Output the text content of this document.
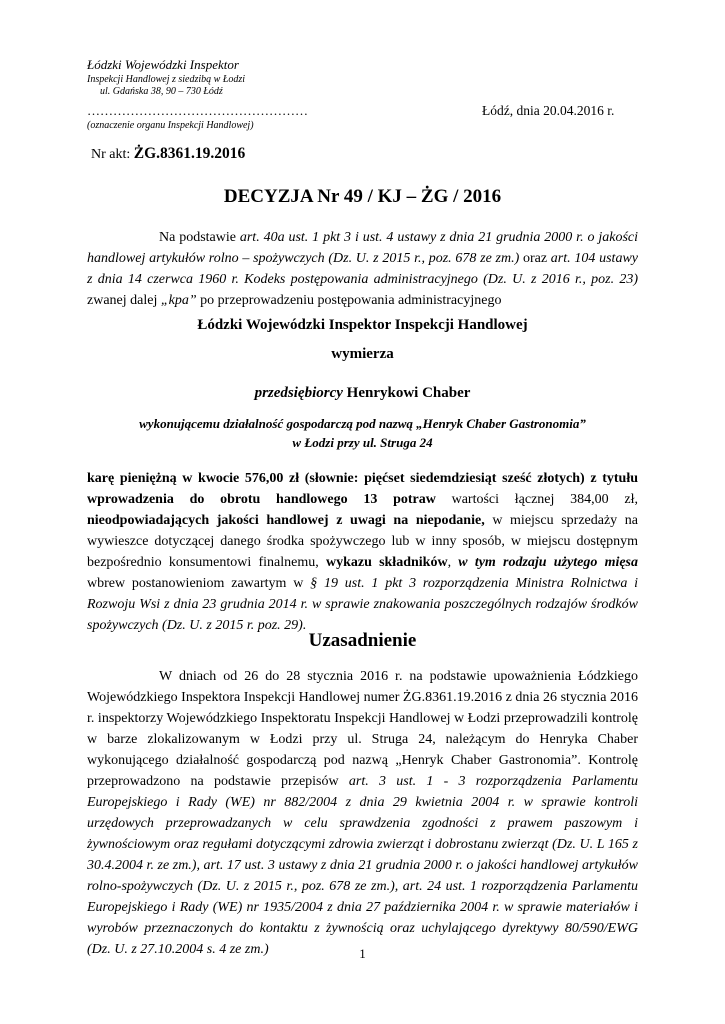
Łódzki Wojewódzki Inspektor
Inspekcji Handlowej z siedzibą w Łodzi
ul. Gdańska 38, 90 – 730 Łódź
……………………………………………
(oznaczenie organu Inspekcji Handlowej)
Łódź, dnia 20.04.2016 r.
Nr akt: ŻG.8361.19.2016
DECYZJA Nr 49 / KJ – ŻG / 2016
Na podstawie art. 40a ust. 1 pkt 3 i ust. 4 ustawy z dnia 21 grudnia 2000 r. o jakości handlowej artykułów rolno – spożywczych (Dz. U. z 2015 r., poz. 678 ze zm.) oraz art. 104 ustawy z dnia 14 czerwca 1960 r. Kodeks postępowania administracyjnego (Dz. U. z 2016 r., poz. 23) zwanej dalej „kpa” po przeprowadzeniu postępowania administracyjnego
Łódzki Wojewódzki Inspektor Inspekcji Handlowej
wymierza
przedsiębiorcy Henrykowi Chaber
wykonującemu działalność gospodarczą pod nazwą „Henryk Chaber Gastronomia”
w Łodzi przy ul. Struga 24
karę pieniężną w kwocie 576,00 zł (słownie: pięćset siedemdziesiąt sześć złotych) z tytułu wprowadzenia do obrotu handlowego 13 potraw wartości łącznej 384,00 zł, nieodpowiadających jakości handlowej z uwagi na niepodanie, w miejscu sprzedaży na wywieszce dotyczącej danego środka spożywczego lub w inny sposób, w miejscu dostępnym bezpośrednio konsumentowi finalnemu, wykazu składników, w tym rodzaju użytego mięsa wbrew postanowieniom zawartym w § 19 ust. 1 pkt 3 rozporządzenia Ministra Rolnictwa i Rozwoju Wsi z dnia 23 grudnia 2014 r. w sprawie znakowania poszczególnych rodzajów środków spożywczych (Dz. U. z 2015 r. poz. 29).
Uzasadnienie
W dniach od 26 do 28 stycznia 2016 r. na podstawie upoważnienia Łódzkiego Wojewódzkiego Inspektora Inspekcji Handlowej numer ŻG.8361.19.2016 z dnia 26 stycznia 2016 r. inspektorzy Wojewódzkiego Inspektoratu Inspekcji Handlowej w Łodzi przeprowadzili kontrolę w barze zlokalizowanym w Łodzi przy ul. Struga 24, należącym do Henryka Chaber wykonującego działalność gospodarczą pod nazwą „Henryk Chaber Gastronomia”. Kontrolę przeprowadzono na podstawie przepisów art. 3 ust. 1 - 3 rozporządzenia Parlamentu Europejskiego i Rady (WE) nr 882/2004 z dnia 29 kwietnia 2004 r. w sprawie kontroli urzędowych przeprowadzanych w celu sprawdzenia zgodności z prawem paszowym i żywnościowym oraz regułami dotyczącymi zdrowia zwierząt i dobrostanu zwierząt (Dz. U. L 165 z 30.4.2004 r. ze zm.), art. 17 ust. 3 ustawy z dnia 21 grudnia 2000 r. o jakości handlowej artykułów rolno-spożywczych (Dz. U. z 2015 r., poz. 678 ze zm.), art. 24 ust. 1 rozporządzenia Parlamentu Europejskiego i Rady (WE) nr 1935/2004 z dnia 27 października 2004 r. w sprawie materiałów i wyrobów przeznaczonych do kontaktu z żywnością oraz uchylającego dyrektywy 80/590/EWG (Dz. U. z 27.10.2004 s. 4 ze zm.)	1
